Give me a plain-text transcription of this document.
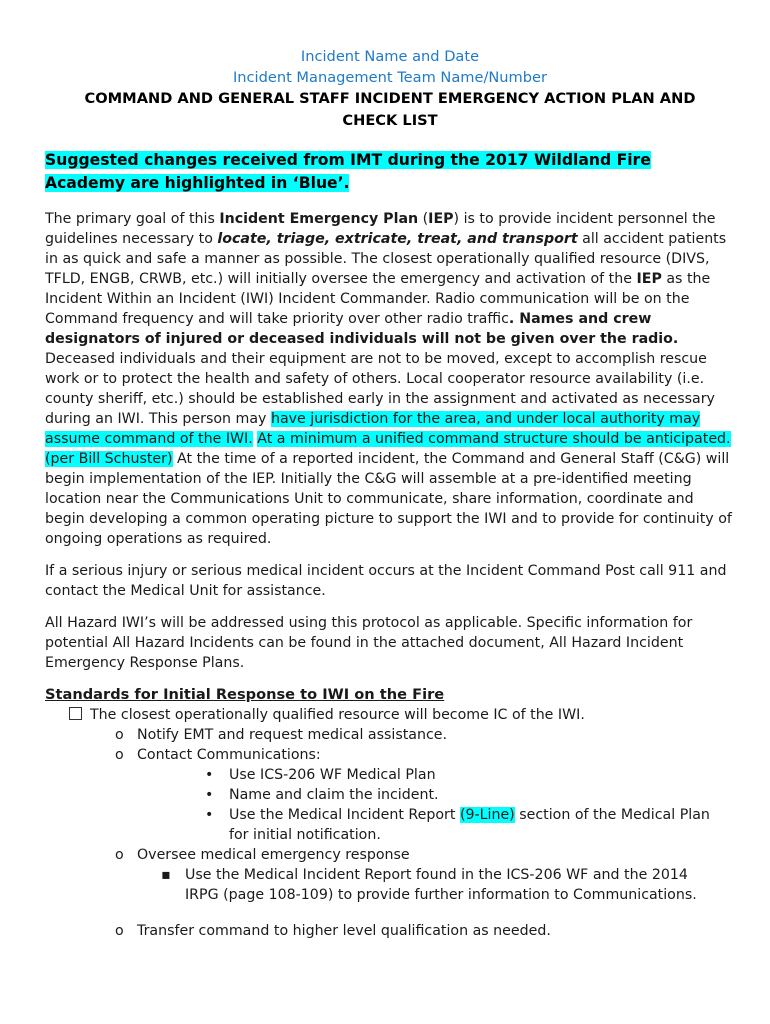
Incident Name and Date
Incident Management Team Name/Number
COMMAND AND GENERAL STAFF INCIDENT EMERGENCY ACTION PLAN AND
CHECK LIST
Suggested changes received from IMT during the 2017 Wildland Fire
Academy are highlighted in ‘Blue’.

The primary goal of this Incident Emergency Plan (IEP) is to provide incident personnel the guidelines necessary to locate, triage, extricate, treat, and transport all accident patients in as quick and safe a manner as possible. The closest operationally qualified resource (DIVS, TFLD, ENGB, CRWB, etc.) will initially oversee the emergency and activation of the IEP as the Incident Within an Incident (IWI) Incident Commander. Radio communication will be on the Command frequency and will take priority over other radio traffic. Names and crew designators of injured or deceased individuals will not be given over the radio. Deceased individuals and their equipment are not to be moved, except to accomplish rescue work or to protect the health and safety of others. Local cooperator resource availability (i.e. county sheriff, etc.) should be established early in the assignment and activated as necessary during an IWI. This person may have jurisdiction for the area, and under local authority may assume command of the IWI. At a minimum a unified command structure should be anticipated. (per Bill Schuster) At the time of a reported incident, the Command and General Staff (C&G) will begin implementation of the IEP. Initially the C&G will assemble at a pre-identified meeting location near the Communications Unit to communicate, share information, coordinate and begin developing a common operating picture to support the IWI and to provide for continuity of ongoing operations as required.

If a serious injury or serious medical incident occurs at the Incident Command Post call 911 and contact the Medical Unit for assistance.

All Hazard IWI’s will be addressed using this protocol as applicable. Specific information for potential All Hazard Incidents can be found in the attached document, All Hazard Incident Emergency Response Plans.

Standards for Initial Response to IWI on the Fire
The closest operationally qualified resource will become IC of the IWI.
o Notify EMT and request medical assistance.
o Contact Communications:
• Use ICS-206 WF Medical Plan
• Name and claim the incident.
• Use the Medical Incident Report (9-Line) section of the Medical Plan
for initial notification.
o Oversee medical emergency response
▪ Use the Medical Incident Report found in the ICS-206 WF and the 2014
IRPG (page 108-109) to provide further information to Communications.
o Transfer command to higher level qualification as needed.
